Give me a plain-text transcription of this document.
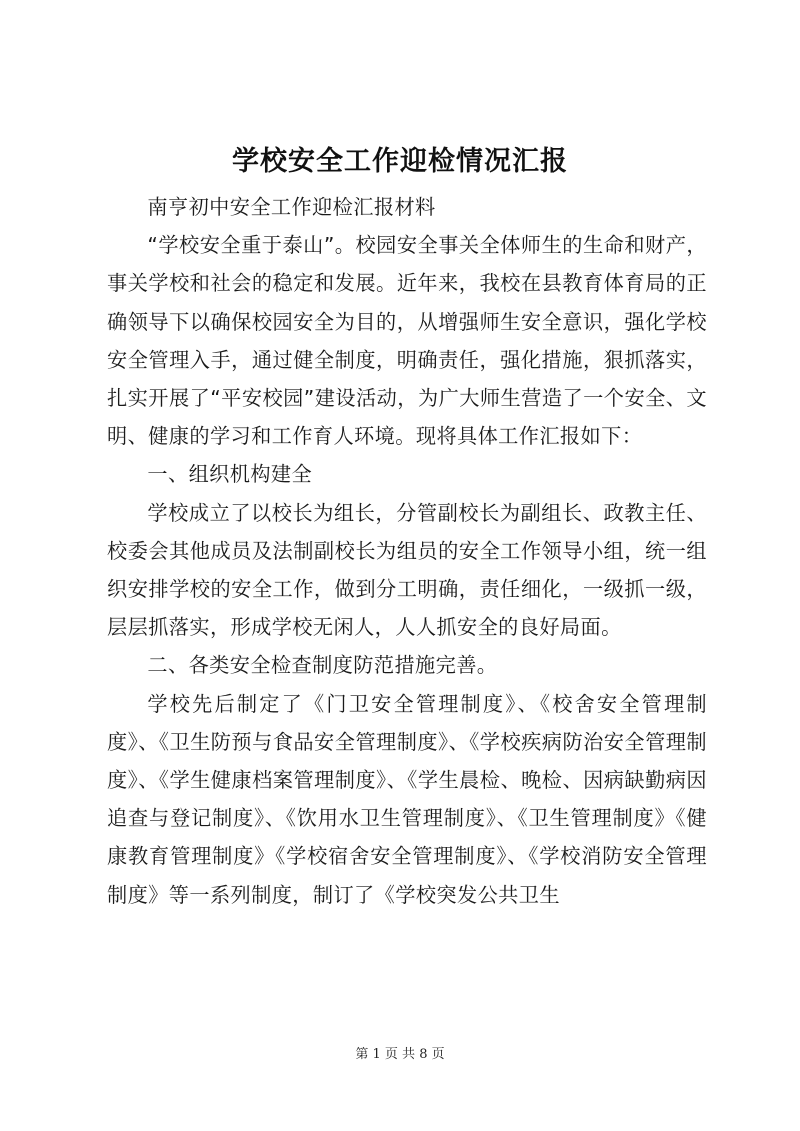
学校安全工作迎检情况汇报

南亨初中安全工作迎检汇报材料

“学校安全重于泰山”。校园安全事关全体师生的生命和财产，事关学校和社会的稳定和发展。近年来，我校在县教育体育局的正确领导下以确保校园安全为目的，从增强师生安全意识，强化学校安全管理入手，通过健全制度，明确责任，强化措施，狠抓落实，扎实开展了“平安校园”建设活动，为广大师生营造了一个安全、文明、健康的学习和工作育人环境。现将具体工作汇报如下：

一、组织机构建全

学校成立了以校长为组长，分管副校长为副组长、政教主任、校委会其他成员及法制副校长为组员的安全工作领导小组，统一组织安排学校的安全工作，做到分工明确，责任细化，一级抓一级，层层抓落实，形成学校无闲人，人人抓安全的良好局面。

二、各类安全检查制度防范措施完善。

学校先后制定了《门卫安全管理制度》、《校舍安全管理制度》、《卫生防预与食品安全管理制度》、《学校疾病防治安全管理制度》、《学生健康档案管理制度》、《学生晨检、晚检、因病缺勤病因追查与登记制度》、《饮用水卫生管理制度》、《卫生管理制度》《健康教育管理制度》《学校宿舍安全管理制度》、《学校消防安全管理制度》等一系列制度，制订了《学校突发公共卫生

第 1 页 共 8 页
